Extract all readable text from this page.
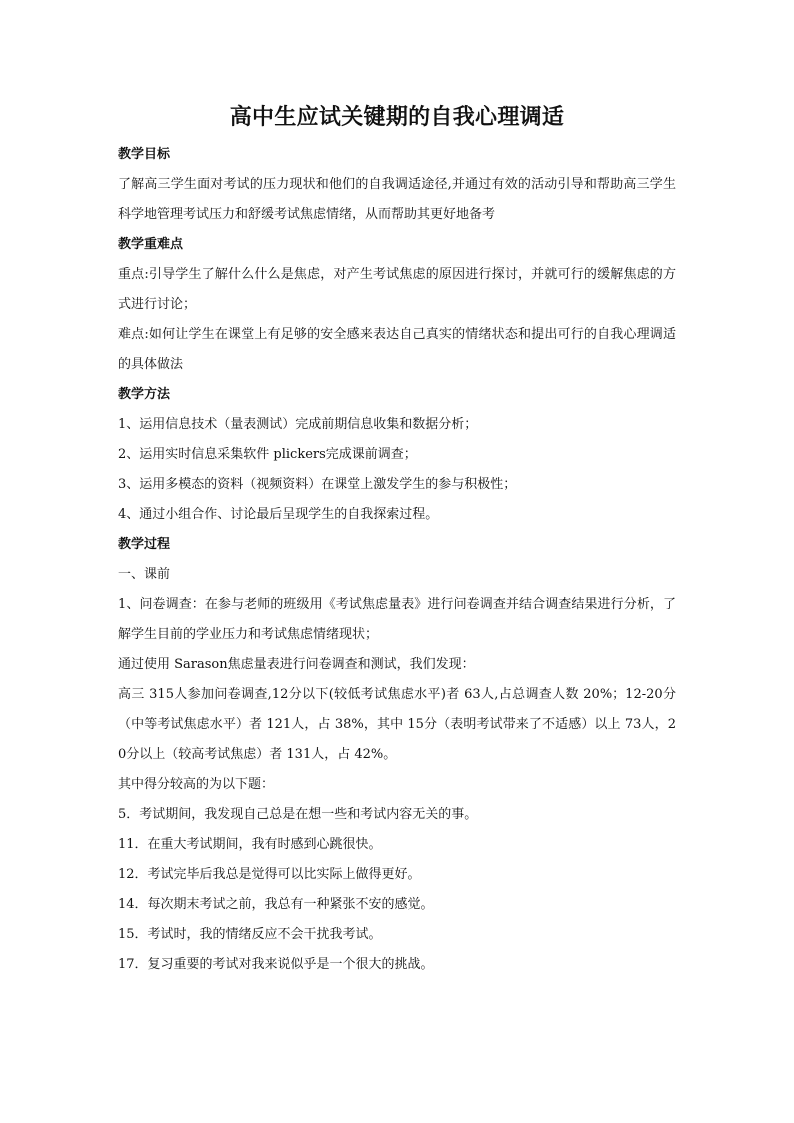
高中生应试关键期的自我心理调适

教学目标

了解高三学生面对考试的压力现状和他们的自我调适途径,并通过有效的活动引导和帮助高三学生科学地管理考试压力和舒缓考试焦虑情绪，从而帮助其更好地备考

教学重难点

重点:引导学生了解什么什么是焦虑，对产生考试焦虑的原因进行探讨，并就可行的缓解焦虑的方式进行讨论；

难点:如何让学生在课堂上有足够的安全感来表达自己真实的情绪状态和提出可行的自我心理调适的具体做法

教学方法

1、运用信息技术（量表测试）完成前期信息收集和数据分析；

2、运用实时信息采集软件 plickers完成课前调查；

3、运用多模态的资料（视频资料）在课堂上激发学生的参与积极性；

4、通过小组合作、讨论最后呈现学生的自我探索过程。

教学过程

一、课前

1、问卷调查：在参与老师的班级用《考试焦虑量表》进行问卷调查并结合调查结果进行分析，了解学生目前的学业压力和考试焦虑情绪现状；

通过使用 Sarason焦虑量表进行问卷调查和测试，我们发现：

高三 315人参加问卷调查,12分以下(较低考试焦虑水平)者 63人,占总调查人数 20%；12-20分（中等考试焦虑水平）者 121人，占 38%，其中 15分（表明考试带来了不适感）以上 73人，20分以上（较高考试焦虑）者 131人，占 42%。

其中得分较高的为以下题：

5．考试期间，我发现自己总是在想一些和考试内容无关的事。

11．在重大考试期间，我有时感到心跳很快。

12．考试完毕后我总是觉得可以比实际上做得更好。

14．每次期末考试之前，我总有一种紧张不安的感觉。

15．考试时，我的情绪反应不会干扰我考试。

17．复习重要的考试对我来说似乎是一个很大的挑战。
